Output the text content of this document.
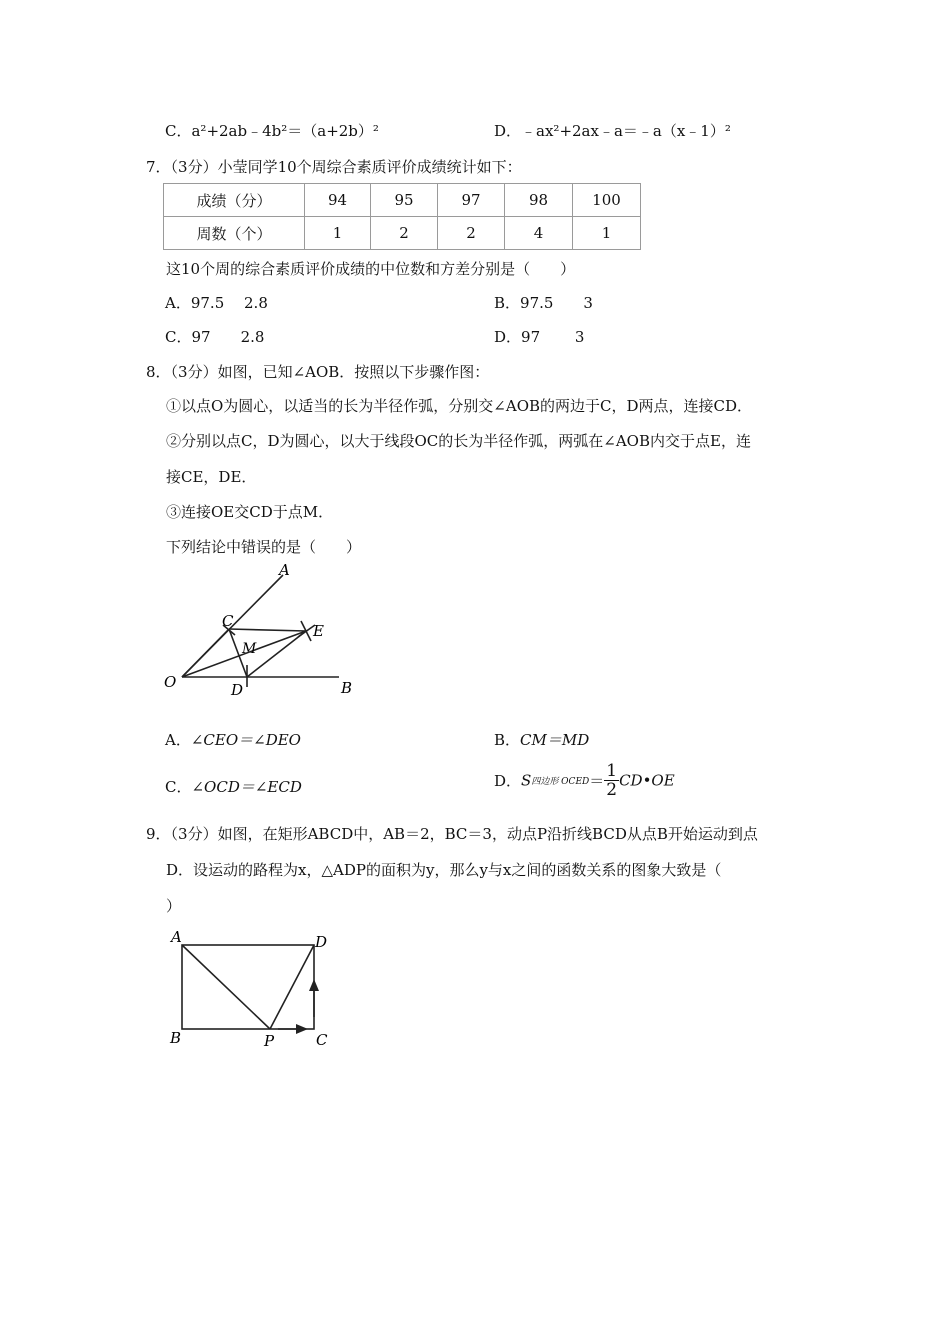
C．a²+2ab﹣4b²＝（a+2b）²	D．﹣ax²+2ax﹣a＝﹣a（x﹣1）²
7．（3分）小莹同学10个周综合素质评价成绩统计如下：
成绩（分）	94	95	97	98	100
周数（个）	1	2	2	4	1
这10个周的综合素质评价成绩的中位数和方差分别是（　　）
A．97.5　 2.8	B．97.5　　3
C．97　　2.8	D．97　　 3
8．（3分）如图，已知∠AOB．按照以下步骤作图：
①以点O为圆心，以适当的长为半径作弧，分别交∠AOB的两边于C，D两点，连接CD．
②分别以点C，D为圆心，以大于线段OC的长为半径作弧，两弧在∠AOB内交于点E，连
接CE，DE．
③连接OE交CD于点M．
下列结论中错误的是（　　）
A
B
C
D
E
M
O
A．∠CEO＝∠DEO	B．CM＝MD
C．∠OCD＝∠ECD	D．S四边形 OCED＝ $\frac{1}{2}$ CD•OE
9．（3分）如图，在矩形ABCD中，AB＝2，BC＝3，动点P沿折线BCD从点B开始运动到点
D．设运动的路程为x，△ADP的面积为y，那么y与x之间的函数关系的图象大致是（
）
A
B	C
D
P
